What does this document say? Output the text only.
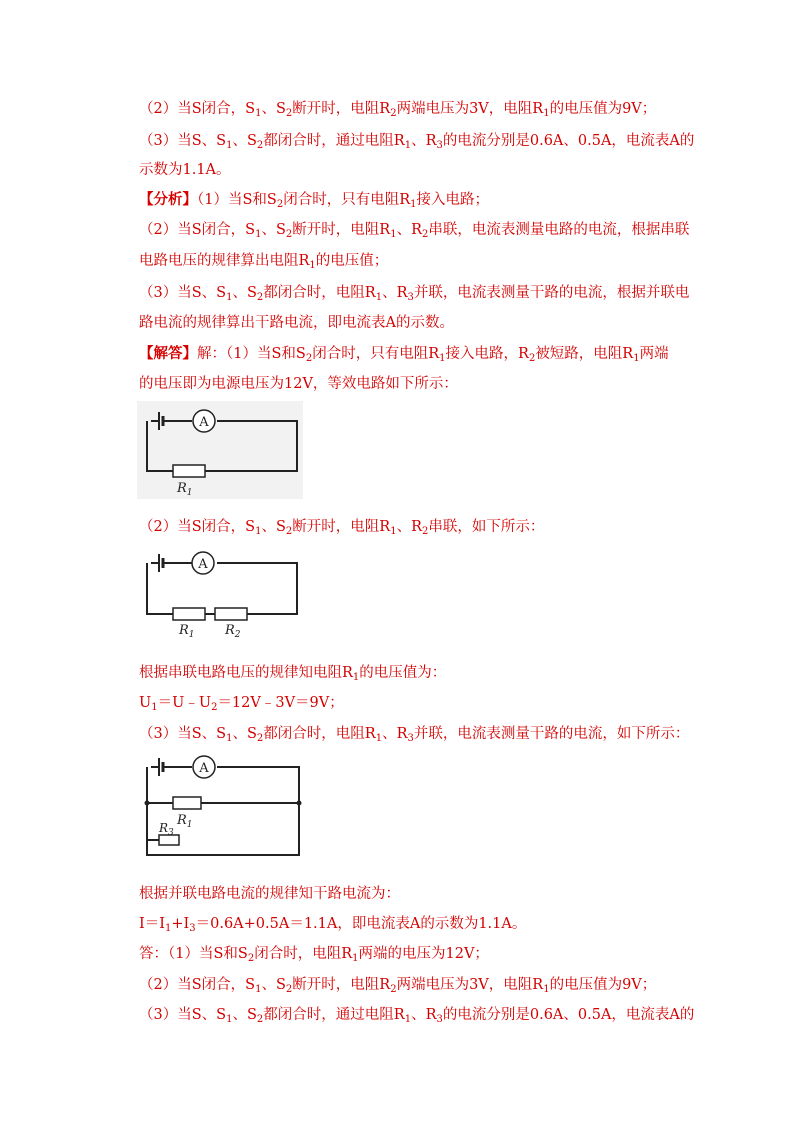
（2）当S闭合，$S_1$、$S_2$断开时，电阻$R_2$两端电压为3V，电阻$R_1$的电压值为9V；
（3）当S、$S_1$、$S_2$都闭合时，通过电阻$R_1$、$R_3$的电流分别是0.6A、0.5A，电流表A的
示数为1.1A。
【分析】（1）当S和$S_2$闭合时，只有电阻$R_1$接入电路；
（2）当S闭合，$S_1$、$S_2$断开时，电阻$R_1$、$R_2$串联，电流表测量电路的电流，根据串联
电路电压的规律算出电阻$R_1$的电压值；
（3）当S、$S_1$、$S_2$都闭合时，电阻$R_1$、$R_3$并联，电流表测量干路的电流，根据并联电
路电流的规律算出干路电流，即电流表A的示数。
【解答】解：（1）当S和$S_2$闭合时，只有电阻$R_1$接入电路，$R_2$被短路，电阻$R_1$两端
的电压即为电源电压为12V，等效电路如下所示：
A
$R_1$
（2）当S闭合，$S_1$、$S_2$断开时，电阻$R_1$、$R_2$串联，如下所示：
A
$R_1$ $R_2$
根据串联电路电压的规律知电阻$R_1$的电压值为：
$U_1=U﹣U_2=12V﹣3V=9V$；
（3）当S、$S_1$、$S_2$都闭合时，电阻$R_1$、$R_3$并联，电流表测量干路的电流，如下所示：
A
$R_1$
$R_3$
根据并联电路电流的规律知干路电流为：
$I=I_1+I_3=0.6A+0.5A=1.1A$，即电流表A的示数为1.1A。
答：（1）当S和$S_2$闭合时，电阻$R_1$两端的电压为12V；
（2）当S闭合，$S_1$、$S_2$断开时，电阻$R_2$两端电压为3V，电阻$R_1$的电压值为9V；
（3）当S、$S_1$、$S_2$都闭合时，通过电阻$R_1$、$R_3$的电流分别是0.6A、0.5A，电流表A的
